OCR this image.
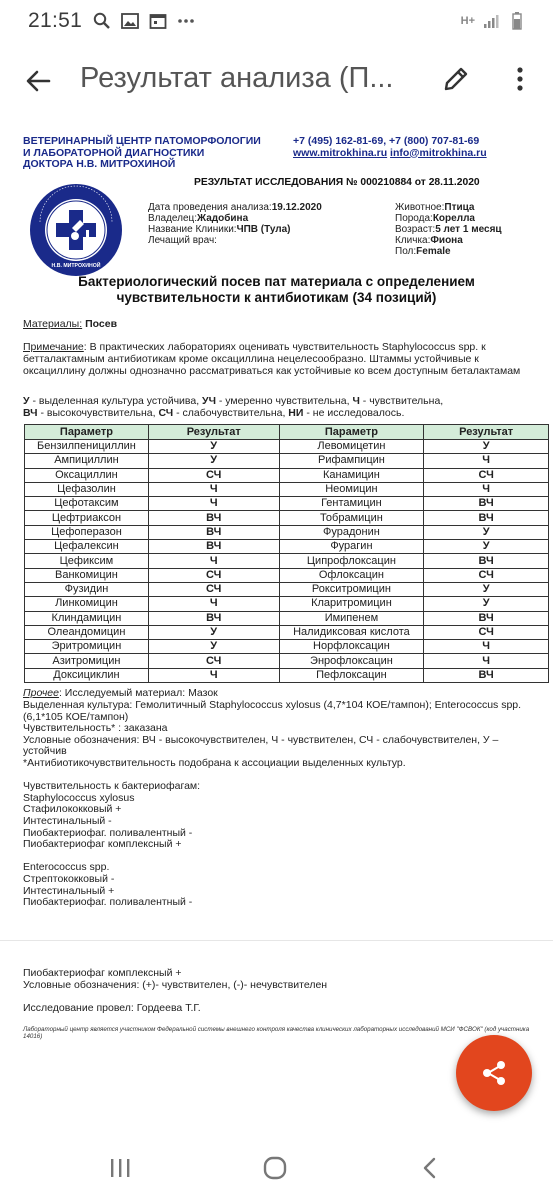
21:51	H+
Результат анализа (П...
ВЕТЕРИНАРНЫЙ ЦЕНТР ПАТОМОРФОЛОГИИ
И ЛАБОРАТОРНОЙ ДИАГНОСТИКИ
ДОКТОРА Н.В. МИТРОХИНОЙ
+7 (495) 162-81-69, +7 (800) 707-81-69
www.mitrokhina.ru info@mitrokhina.ru
РЕЗУЛЬТАТ ИССЛЕДОВАНИЯ № 000210884 от 28.11.2020
Н.В. МИТРОХИНОЙ
Дата проведения анализа:19.12.2020
Владелец:Жадобина
Название Клиники:ЧПВ (Тула)
Лечащий врач:
Животное:Птица
Порода:Корелла
Возраст:5 лет 1 месяц
Кличка:Фиона
Пол:Female
Бактериологический посев пат материала с определением
чувствительности к антибиотикам (34 позиций)
Материалы: Посев
Примечание: В практических лабораториях оценивать чувствительность Staphylococcus spp. к бетталактамным антибиотикам кроме оксациллина нецелесообразно. Штаммы устойчивые к оксациллину должны однозначно рассматриваться как устойчивые ко всем доступным беталактамам
У - выделенная культура устойчива, УЧ - умеренно чувствительна, Ч - чувствительна,
ВЧ - высокочувствительна, СЧ - слабочувствительна, НИ - не исследовалось.
Параметр	Результат	Параметр	Результат
Бензилпенициллин	У	Левомицетин	У
Ампициллин	У	Рифампицин	Ч
Оксациллин	СЧ	Канамицин	СЧ
Цефазолин	Ч	Неомицин	Ч
Цефотаксим	Ч	Гентамицин	ВЧ
Цефтриаксон	ВЧ	Тобрамицин	ВЧ
Цефоперазон	ВЧ	Фурадонин	У
Цефалексин	ВЧ	Фурагин	У
Цефиксим	Ч	Ципрофлоксацин	ВЧ
Ванкомицин	СЧ	Офлоксацин	СЧ
Фузидин	СЧ	Рокситромицин	У
Линкомицин	Ч	Кларитромицин	У
Клиндамицин	ВЧ	Имипенем	ВЧ
Олеандомицин	У	Налидиксовая кислота	СЧ
Эритромицин	У	Норфлоксацин	Ч
Азитромицин	СЧ	Энрофлоксацин	Ч
Доксициклин	Ч	Пефлоксацин	ВЧ
Прочее: Исследуемый материал: Мазок
Выделенная культура: Гемолитичный Staphylococcus xylosus (4,7*104 КОЕ/тампон); Enterococcus spp.(6,1*105 КОЕ/тампон)
Чувствительность* : заказана
Условные обозначения: ВЧ - высокочувствителен, Ч - чувствителен, СЧ - слабочувствителен, У – устойчив
*Антибиотикочувствительность подобрана к ассоциации выделенных культур.

Чувствительность к бактериофагам:
Staphylococcus xylosus
Стафилококковый +
Интестинальный -
Пиобактериофаг. поливалентный -
Пиобактериофаг комплексный +

Enterococcus spp.
Стрептококковый -
Интестинальный +
Пиобактериофаг. поливалентный -
Пиобактериофаг комплексный +
Условные обозначения: (+)- чувствителен, (-)- нечувствителен

Исследование провел: Гордеева Т.Г.
Лабораторный центр является участником Федеральной системы внешнего контроля качества клинических лабораторных исследований МСИ "ФСВОК" (код участника 14016)
